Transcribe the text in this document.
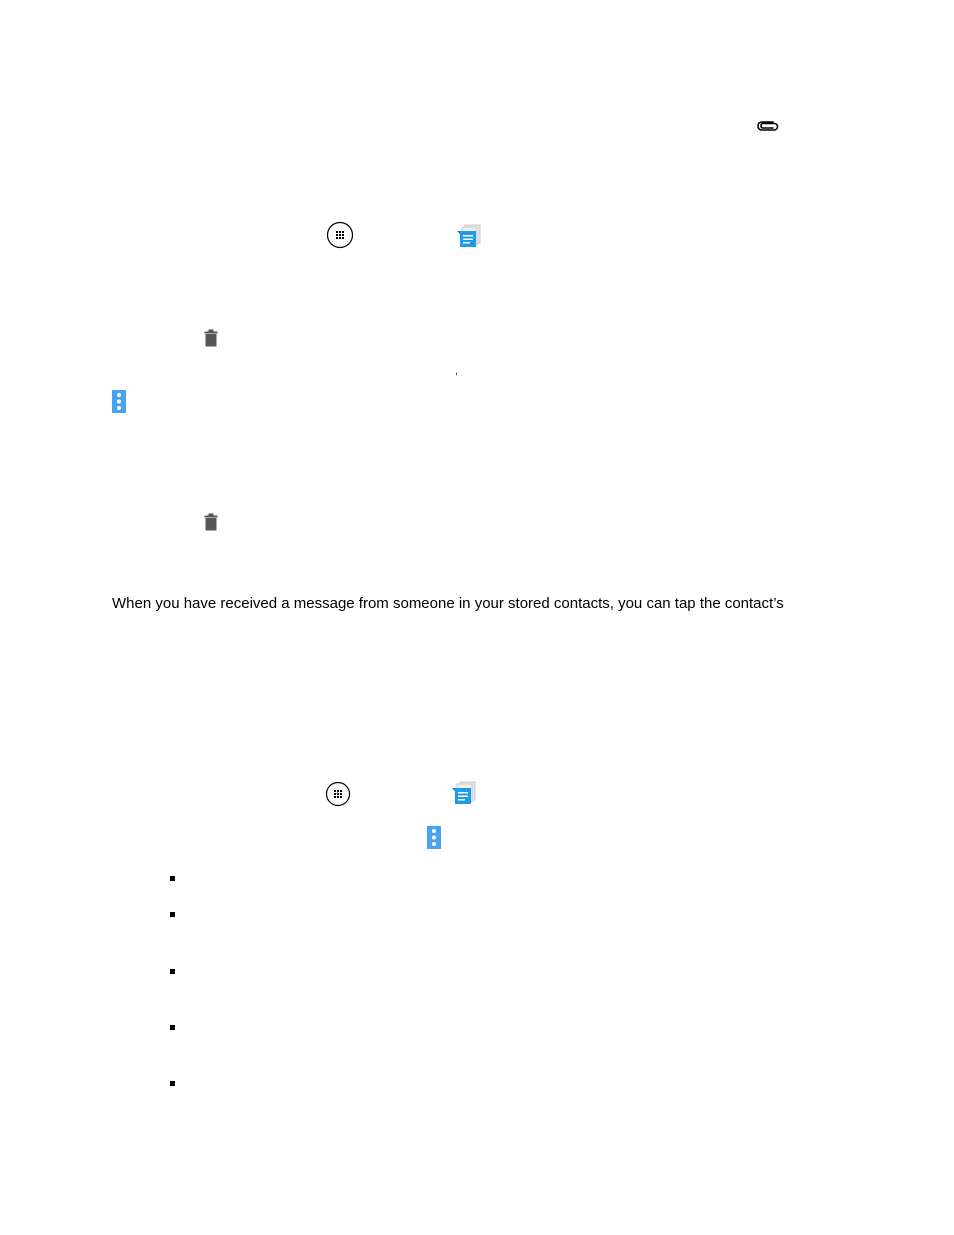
,
When you have received a message from someone in your stored contacts, you can tap the contact’s
